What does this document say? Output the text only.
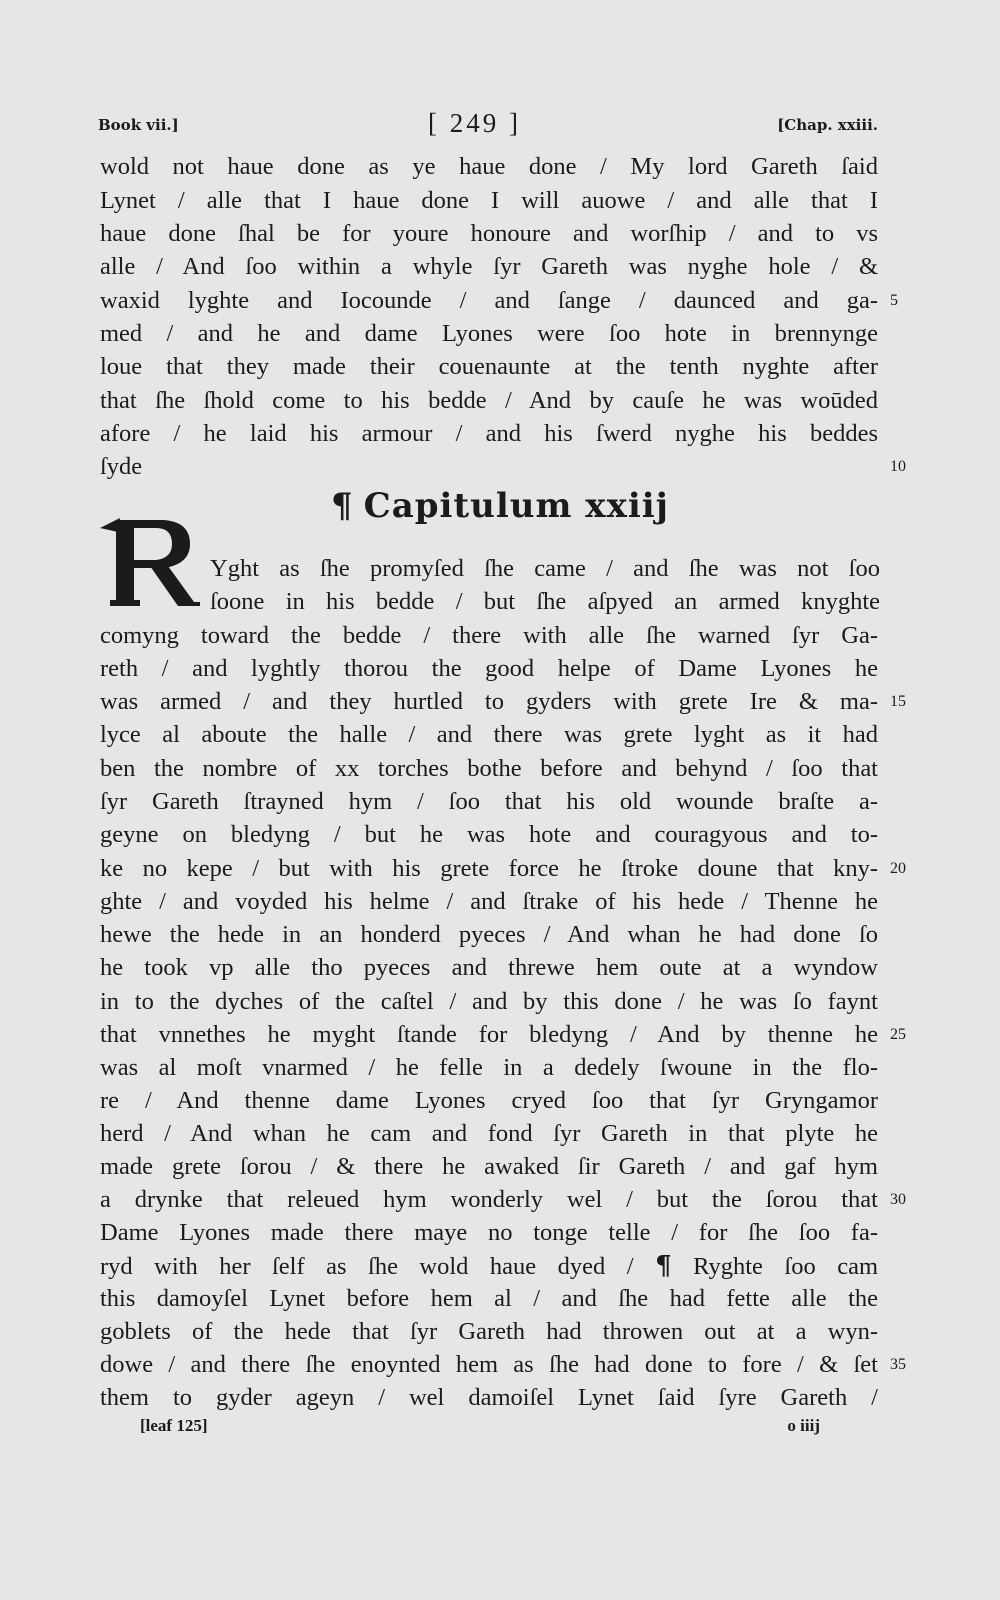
Book vii.]	[ 249 ]	[Chap. xxiii.
wold not haue done as ye haue done / My lord Gareth ſaid
Lynet / alle that I haue done I will auowe / and alle that I
haue done ſhal be for youre honoure and worſhip / and to vs
alle / And ſoo within a whyle ſyr Gareth was nyghe hole / &
waxid lyghte and Iocounde / and ſange / daunced and ga-
med / and he and dame Lyones were ſoo hote in brennynge
loue that they made their couenaunte at the tenth nyghte after
that ſhe ſhold come to his bedde / And by cauſe he was woūded
afore / he laid his armour / and his ſwerd nyghe his beddes
ſyde
5
10
¶ Capitulum xxiij
R
Yght as ſhe promyſed ſhe came / and ſhe was not ſoo
ſoone in his bedde / but ſhe aſpyed an armed knyghte
comyng toward the bedde / there with alle ſhe warned ſyr Ga-
reth / and lyghtly thorou the good helpe of Dame Lyones he
was armed / and they hurtled to gyders with grete Ire & ma-
lyce al aboute the halle / and there was grete lyght as it had
ben the nombre of xx torches bothe before and behynd / ſoo that
ſyr Gareth ſtrayned hym / ſoo that his old wounde braſte a-
geyne on bledyng / but he was hote and couragyous and to-
ke no kepe / but with his grete force he ſtroke doune that kny-
ghte / and voyded his helme / and ſtrake of his hede / Thenne he
hewe the hede in an honderd pyeces / And whan he had done ſo
he took vp alle tho pyeces and threwe hem oute at a wyndow
in to the dyches of the caſtel / and by this done / he was ſo faynt
that vnnethes he myght ſtande for bledyng / And by thenne he
was al moſt vnarmed / he felle in a dedely ſwoune in the flo-
re / And thenne dame Lyones cryed ſoo that ſyr Gryngamor
herd / And whan he cam and fond ſyr Gareth in that plyte he
made grete ſorou / & there he awaked ſir Gareth / and gaf hym
a drynke that releued hym wonderly wel / but the ſorou that
Dame Lyones made there maye no tonge telle / for ſhe ſoo fa-
ryd with her ſelf as ſhe wold haue dyed / ¶ Ryghte ſoo cam
this damoyſel Lynet before hem al / and ſhe had fette alle the
goblets of the hede that ſyr Gareth had throwen out at a wyn-
dowe / and there ſhe enoynted hem as ſhe had done to fore / & ſet
them to gyder ageyn / wel damoiſel Lynet ſaid ſyre Gareth /
15
20
25
30
35
[leaf 125]	o iiij
